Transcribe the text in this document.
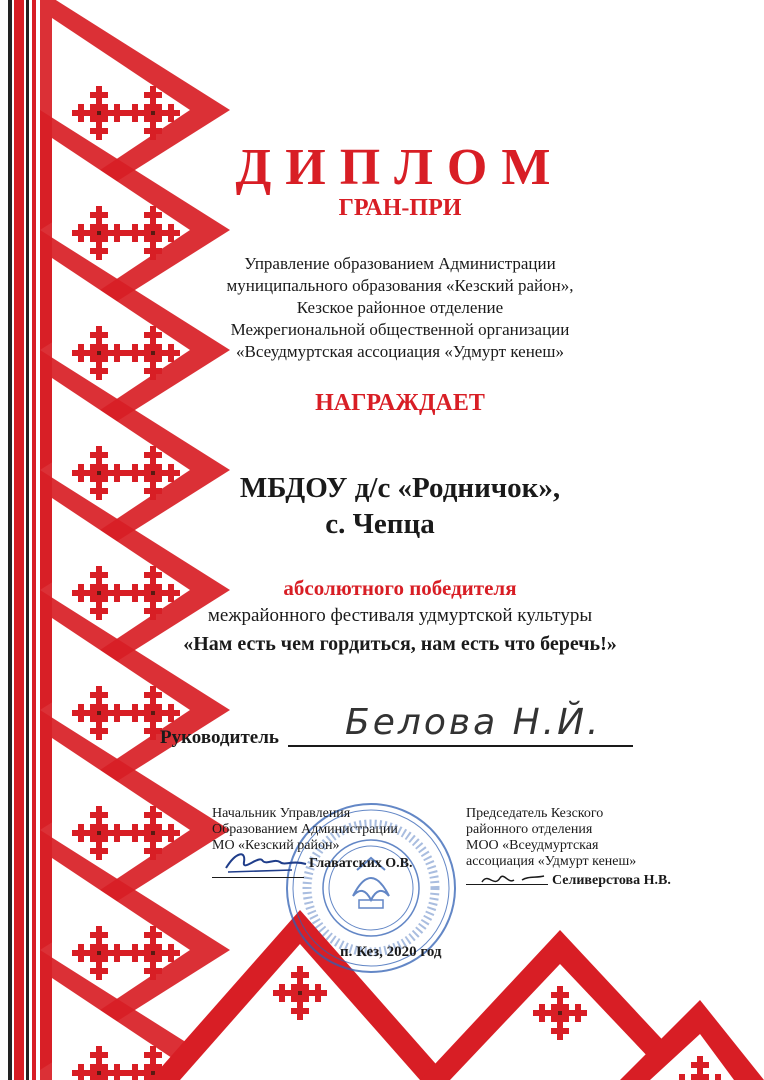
ДИПЛОМ
ГРАН-ПРИ
Управление образованием Администрации
муниципального образования «Кезский район»,
Кезское районное отделение
Межрегиональной общественной организации
«Всеудмуртская ассоциация «Удмурт кенеш»
НАГРАЖДАЕТ
МБДОУ д/с «Родничок»,
с. Чепца
абсолютного победителя
межрайонного фестиваля удмуртской культуры
«Нам есть чем гордиться, нам есть что беречь!»
Руководитель Белова Н.Й.
Начальник Управления
Образованием Администрации
МО «Кезский район»
Главатских О.В.
Председатель Кезского
районного отделения
МОО «Всеудмуртская
ассоциация «Удмурт кенеш»
Селиверстова Н.В.
п. Кез, 2020 год
